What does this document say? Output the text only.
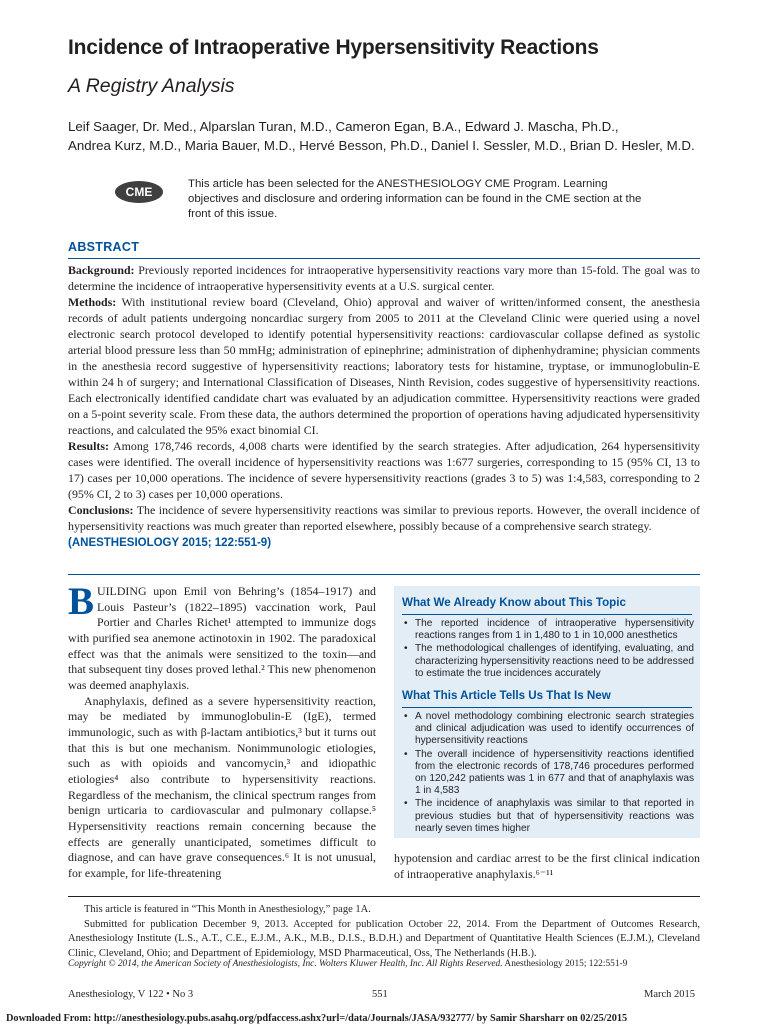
Incidence of Intraoperative Hypersensitivity Reactions
A Registry Analysis
Leif Saager, Dr. Med., Alparslan Turan, M.D., Cameron Egan, B.A., Edward J. Mascha, Ph.D.,
Andrea Kurz, M.D., Maria Bauer, M.D., Hervé Besson, Ph.D., Daniel I. Sessler, M.D., Brian D. Hesler, M.D.
CME
This article has been selected for the ANESTHESIOLOGY CME Program. Learning objectives and disclosure and ordering information can be found in the CME section at the front of this issue.
ABSTRACT

Background: Previously reported incidences for intraoperative hypersensitivity reactions vary more than 15-fold. The goal was to determine the incidence of intraoperative hypersensitivity events at a U.S. surgical center.

Methods: With institutional review board (Cleveland, Ohio) approval and waiver of written/informed consent, the anesthesia records of adult patients undergoing noncardiac surgery from 2005 to 2011 at the Cleveland Clinic were queried using a novel electronic search protocol developed to identify potential hypersensitivity reactions: cardiovascular collapse defined as systolic arterial blood pressure less than 50 mmHg; administration of epinephrine; administration of diphenhydramine; physician comments in the anesthesia record suggestive of hypersensitivity reactions; laboratory tests for histamine, tryptase, or immunoglobulin-E within 24 h of surgery; and International Classification of Diseases, Ninth Revision, codes suggestive of hypersensitivity reactions. Each electronically identified candidate chart was evaluated by an adjudication committee. Hypersensitivity reactions were graded on a 5-point severity scale. From these data, the authors determined the proportion of operations having adjudicated hypersensitivity reactions, and calculated the 95% exact binomial CI.

Results: Among 178,746 records, 4,008 charts were identified by the search strategies. After adjudication, 264 hypersensitivity cases were identified. The overall incidence of hypersensitivity reactions was 1:677 surgeries, corresponding to 15 (95% CI, 13 to 17) cases per 10,000 operations. The incidence of severe hypersensitivity reactions (grades 3 to 5) was 1:4,583, corresponding to 2 (95% CI, 2 to 3) cases per 10,000 operations.

Conclusions: The incidence of severe hypersensitivity reactions was similar to previous reports. However, the overall incidence of hypersensitivity reactions was much greater than reported elsewhere, possibly because of a comprehensive search strategy.
(ANESTHESIOLOGY 2015; 122:551-9)

BUILDING upon Emil von Behring’s (1854–1917) and Louis Pasteur’s (1822–1895) vaccination work, Paul Portier and Charles Richet¹ attempted to immunize dogs with purified sea anemone actinotoxin in 1902. The paradoxical effect was that the animals were sensitized to the toxin—and that subsequent tiny doses proved lethal.² This new phenomenon was deemed anaphylaxis.

Anaphylaxis, defined as a severe hypersensitivity reaction, may be mediated by immunoglobulin-E (IgE), termed immunologic, such as with β-lactam antibiotics,³ but it turns out that this is but one mechanism. Nonimmunologic etiologies, such as with opioids and vancomycin,³ and idiopathic etiologies⁴ also contribute to hypersensitivity reactions. Regardless of the mechanism, the clinical spectrum ranges from benign urticaria to cardiovascular and pulmonary collapse.⁵ Hypersensitivity reactions remain concerning because the effects are generally unanticipated, sometimes difficult to diagnose, and can have grave consequences.⁶ It is not unusual, for example, for life-threatening

What We Already Know about This Topic
• The reported incidence of intraoperative hypersensitivity reactions ranges from 1 in 1,480 to 1 in 10,000 anesthetics
• The methodological challenges of identifying, evaluating, and characterizing hypersensitivity reactions need to be addressed to estimate the true incidences accurately
What This Article Tells Us That Is New
• A novel methodology combining electronic search strategies and clinical adjudication was used to identify occurrences of hypersensitivity reactions
• The overall incidence of hypersensitivity reactions identified from the electronic records of 178,746 procedures performed on 120,242 patients was 1 in 677 and that of anaphylaxis was 1 in 4,583
• The incidence of anaphylaxis was similar to that reported in previous studies but that of hypersensitivity reactions was nearly seven times higher
hypotension and cardiac arrest to be the first clinical indication of intraoperative anaphylaxis.⁶⁻¹¹

This article is featured in “This Month in Anesthesiology,” page 1A.

Submitted for publication December 9, 2013. Accepted for publication October 22, 2014. From the Department of Outcomes Research, Anesthesiology Institute (L.S., A.T., C.E., E.J.M., A.K., M.B., D.I.S., B.D.H.) and Department of Quantitative Health Sciences (E.J.M.), Cleveland Clinic, Cleveland, Ohio; and Department of Epidemiology, MSD Pharmaceutical, Oss, The Netherlands (H.B.).

Copyright © 2014, the American Society of Anesthesiologists, Inc. Wolters Kluwer Health, Inc. All Rights Reserved. Anesthesiology 2015; 122:551-9
Anesthesiology, V 122 • No 3	551	March 2015
Downloaded From: http://anesthesiology.pubs.asahq.org/pdfaccess.ashx?url=/data/Journals/JASA/932777/ by Samir Sharsharr on 02/25/2015
